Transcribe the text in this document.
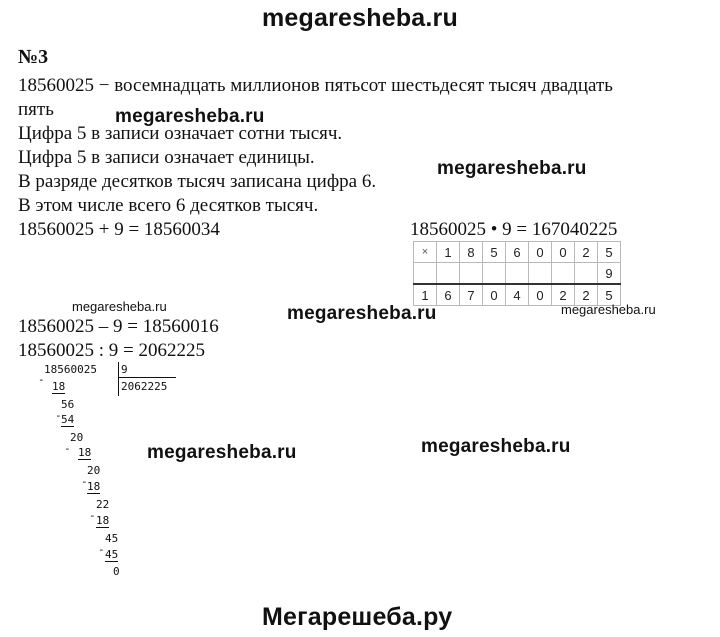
megaresheba.ru
№3
18560025 − восемнадцать миллионов пятьсот шестьдесят тысяч двадцать
пять	megaresheba.ru
Цифра 5 в записи означает сотни тысяч.
Цифра 5 в записи означает единицы.
megaresheba.ru
В разряде десятков тысяч записана цифра 6.
В этом числе всего 6 десятков тысяч.
18560025 + 9 = 18560034	18560025 • 9 = 167040225
×	1	8	5	6	0	0	2	5
								9
1	6	7	0	4	0	2	2	5
megaresheba.ru	megaresheba.ru	megaresheba.ru
18560025 – 9 = 18560016
18560025 : 9 = 2062225
-
18560025 9
2062225
18
56
- 54
20
- 18
20
- 18
22
- 18
45
- 45
0
megaresheba.ru	megaresheba.ru
Мегарешеба.ру
